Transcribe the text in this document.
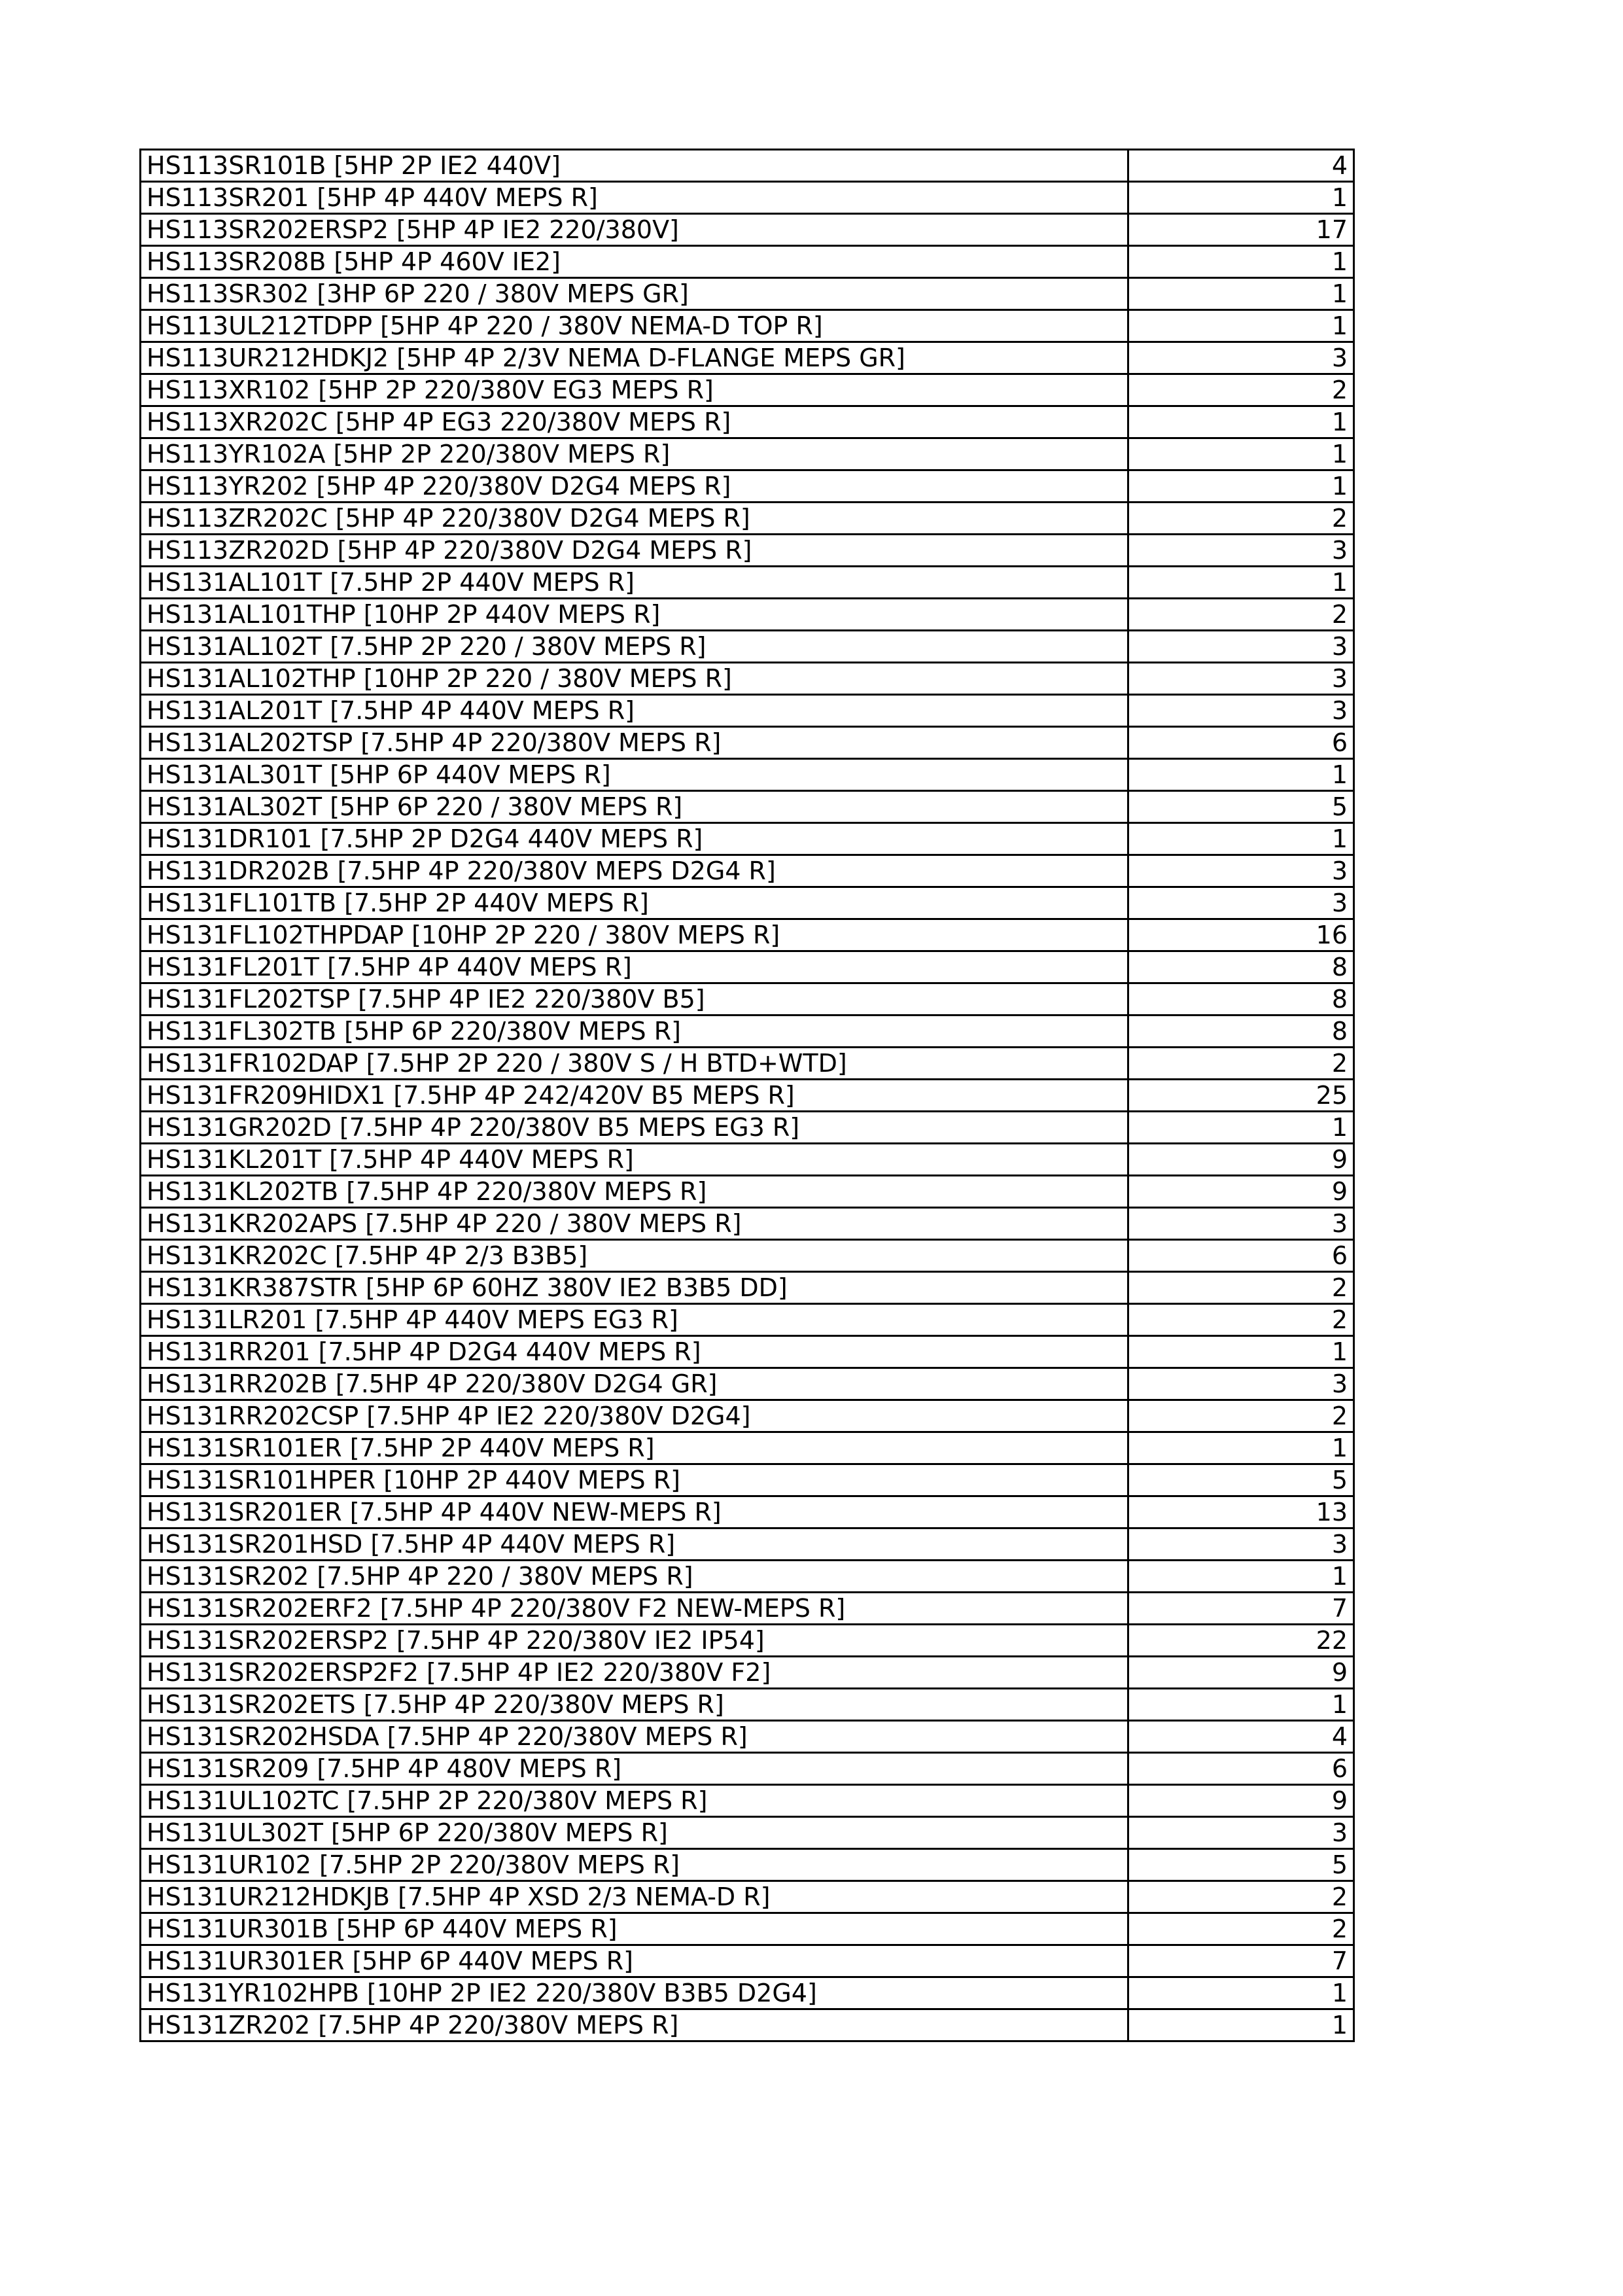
HS113SR101B [5HP 2P IE2 440V]	4
HS113SR201 [5HP 4P 440V MEPS R]	1
HS113SR202ERSP2 [5HP 4P IE2 220/380V]	17
HS113SR208B [5HP 4P 460V IE2]	1
HS113SR302 [3HP 6P 220 / 380V MEPS GR]	1
HS113UL212TDPP [5HP 4P 220 / 380V NEMA-D TOP R]	1
HS113UR212HDKJ2 [5HP 4P 2/3V NEMA D-FLANGE MEPS GR]	3
HS113XR102 [5HP 2P 220/380V EG3 MEPS R]	2
HS113XR202C [5HP 4P EG3 220/380V MEPS R]	1
HS113YR102A [5HP 2P 220/380V MEPS R]	1
HS113YR202 [5HP 4P 220/380V D2G4 MEPS R]	1
HS113ZR202C [5HP 4P 220/380V D2G4 MEPS R]	2
HS113ZR202D [5HP 4P 220/380V D2G4 MEPS R]	3
HS131AL101T [7.5HP 2P 440V MEPS R]	1
HS131AL101THP [10HP 2P 440V MEPS R]	2
HS131AL102T [7.5HP 2P 220 / 380V MEPS R]	3
HS131AL102THP [10HP 2P 220 / 380V MEPS R]	3
HS131AL201T [7.5HP 4P 440V MEPS R]	3
HS131AL202TSP [7.5HP 4P 220/380V MEPS R]	6
HS131AL301T [5HP 6P 440V MEPS R]	1
HS131AL302T [5HP 6P 220 / 380V MEPS R]	5
HS131DR101 [7.5HP 2P D2G4 440V MEPS R]	1
HS131DR202B [7.5HP 4P 220/380V MEPS D2G4 R]	3
HS131FL101TB [7.5HP 2P 440V MEPS R]	3
HS131FL102THPDAP [10HP 2P 220 / 380V MEPS R]	16
HS131FL201T [7.5HP 4P 440V MEPS R]	8
HS131FL202TSP [7.5HP 4P IE2 220/380V B5]	8
HS131FL302TB [5HP 6P 220/380V MEPS R]	8
HS131FR102DAP [7.5HP 2P 220 / 380V S / H BTD+WTD]	2
HS131FR209HIDX1 [7.5HP 4P 242/420V B5 MEPS R]	25
HS131GR202D [7.5HP 4P 220/380V B5 MEPS EG3 R]	1
HS131KL201T [7.5HP 4P 440V MEPS R]	9
HS131KL202TB [7.5HP 4P 220/380V MEPS R]	9
HS131KR202APS [7.5HP 4P 220 / 380V MEPS R]	3
HS131KR202C [7.5HP 4P 2/3 B3B5]	6
HS131KR387STR [5HP 6P 60HZ 380V IE2 B3B5 DD]	2
HS131LR201 [7.5HP 4P 440V MEPS EG3 R]	2
HS131RR201 [7.5HP 4P D2G4 440V MEPS R]	1
HS131RR202B [7.5HP 4P 220/380V D2G4 GR]	3
HS131RR202CSP [7.5HP 4P IE2 220/380V D2G4]	2
HS131SR101ER [7.5HP 2P 440V MEPS R]	1
HS131SR101HPER [10HP 2P 440V MEPS R]	5
HS131SR201ER [7.5HP 4P 440V NEW-MEPS R]	13
HS131SR201HSD [7.5HP 4P 440V MEPS R]	3
HS131SR202 [7.5HP 4P 220 / 380V MEPS R]	1
HS131SR202ERF2 [7.5HP 4P 220/380V F2 NEW-MEPS R]	7
HS131SR202ERSP2 [7.5HP 4P 220/380V IE2 IP54]	22
HS131SR202ERSP2F2 [7.5HP 4P IE2 220/380V F2]	9
HS131SR202ETS [7.5HP 4P 220/380V MEPS R]	1
HS131SR202HSDA [7.5HP 4P 220/380V MEPS R]	4
HS131SR209 [7.5HP 4P 480V MEPS R]	6
HS131UL102TC [7.5HP 2P 220/380V MEPS R]	9
HS131UL302T [5HP 6P 220/380V MEPS R]	3
HS131UR102 [7.5HP 2P 220/380V MEPS R]	5
HS131UR212HDKJB [7.5HP 4P XSD 2/3 NEMA-D R]	2
HS131UR301B [5HP 6P 440V MEPS R]	2
HS131UR301ER [5HP 6P 440V MEPS R]	7
HS131YR102HPB [10HP 2P IE2 220/380V B3B5 D2G4]	1
HS131ZR202 [7.5HP 4P 220/380V MEPS R]	1
